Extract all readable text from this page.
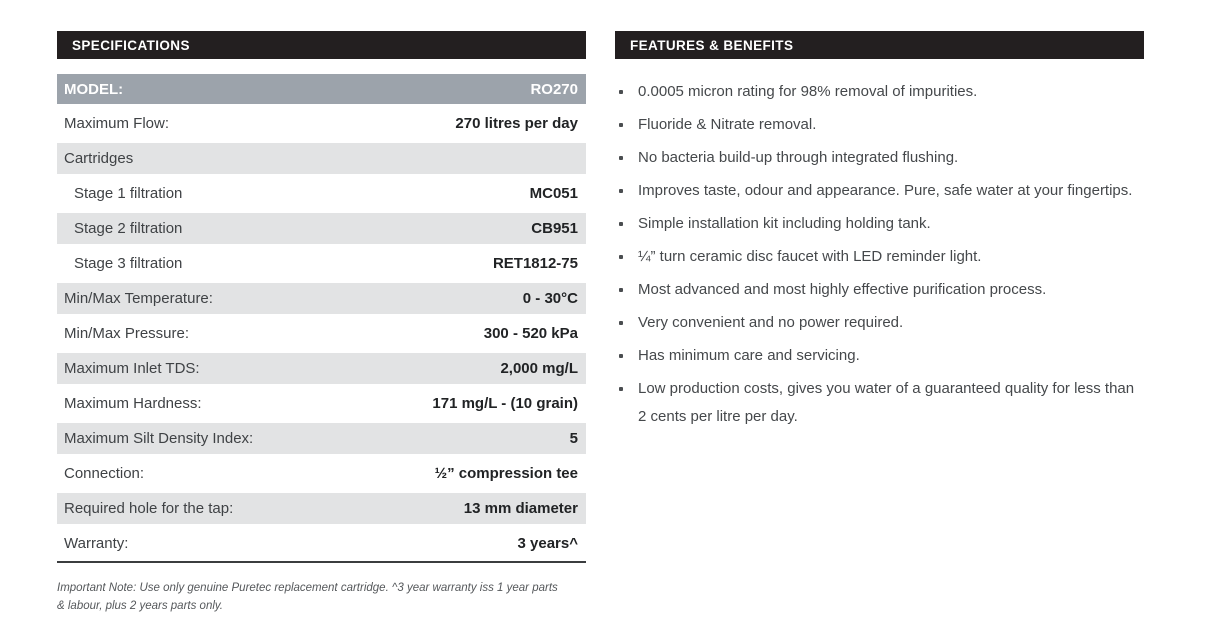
SPECIFICATIONS
MODEL:	RO270
Maximum Flow:	270 litres per day
Cartridges
Stage 1 filtration	MC051
Stage 2 filtration	CB951
Stage 3 filtration	RET1812-75
Min/Max Temperature:	0 - 30°C
Min/Max Pressure:	300 - 520 kPa
Maximum Inlet TDS:	2,000 mg/L
Maximum Hardness:	171 mg/L - (10 grain)
Maximum Silt Density Index:	5
Connection:	½” compression tee
Required hole for the tap:	13 mm diameter
Warranty:	3 years^

Important Note: Use only genuine Puretec replacement cartridge. ^3 year warranty iss 1 year parts & labour, plus 2 years parts only.

FEATURES & BENEFITS
0.0005 micron rating for 98% removal of impurities.
Fluoride & Nitrate removal.
No bacteria build-up through integrated flushing.
Improves taste, odour and appearance. Pure, safe water at your fingertips.
Simple installation kit including holding tank.
¼” turn ceramic disc faucet with LED reminder light.
Most advanced and most highly effective purification process.
Very convenient and no power required.
Has minimum care and servicing.
Low production costs, gives you water of a guaranteed quality for less than 2 cents per litre per day.
